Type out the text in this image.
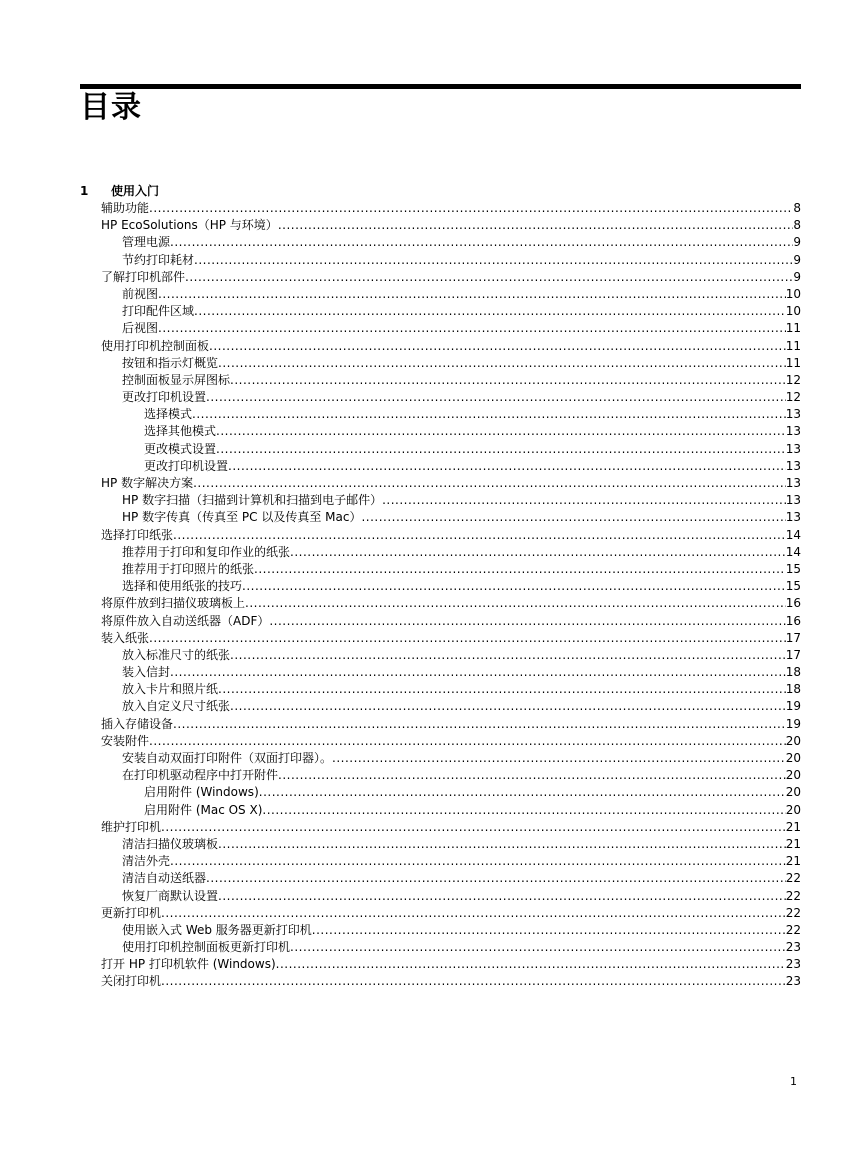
目录
1 使用入门
辅助功能 .....	8
HP EcoSolutions（HP 与环境） .....	8
管理电源 .....	9
节约打印耗材 .....	9
了解打印机部件 .....	9
前视图 .....	10
打印配件区域 .....	10
后视图 .....	11
使用打印机控制面板 .....	11
按钮和指示灯概览 .....	11
控制面板显示屏图标 .....	12
更改打印机设置 .....	12
选择模式 .....	13
选择其他模式 .....	13
更改模式设置 .....	13
更改打印机设置 .....	13
HP 数字解决方案 .....	13
HP 数字扫描（扫描到计算机和扫描到电子邮件） .....	13
HP 数字传真（传真至 PC 以及传真至 Mac） .....	13
选择打印纸张 .....	14
推荐用于打印和复印作业的纸张 .....	14
推荐用于打印照片的纸张 .....	15
选择和使用纸张的技巧 .....	15
将原件放到扫描仪玻璃板上 .....	16
将原件放入自动送纸器（ADF） .....	16
装入纸张 .....	17
放入标准尺寸的纸张 .....	17
装入信封 .....	18
放入卡片和照片纸 .....	18
放入自定义尺寸纸张 .....	19
插入存储设备 .....	19
安装附件 .....	20
安装自动双面打印附件（双面打印器）。 .....	20
在打印机驱动程序中打开附件 .....	20
启用附件 (Windows) .....	20
启用附件 (Mac OS X) .....	20
维护打印机 .....	21
清洁扫描仪玻璃板 .....	21
清洁外壳 .....	21
清洁自动送纸器 .....	22
恢复厂商默认设置 .....	22
更新打印机 .....	22
使用嵌入式 Web 服务器更新打印机 .....	22
使用打印机控制面板更新打印机 .....	23
打开 HP 打印机软件 (Windows) .....	23
关闭打印机 .....	23
1
